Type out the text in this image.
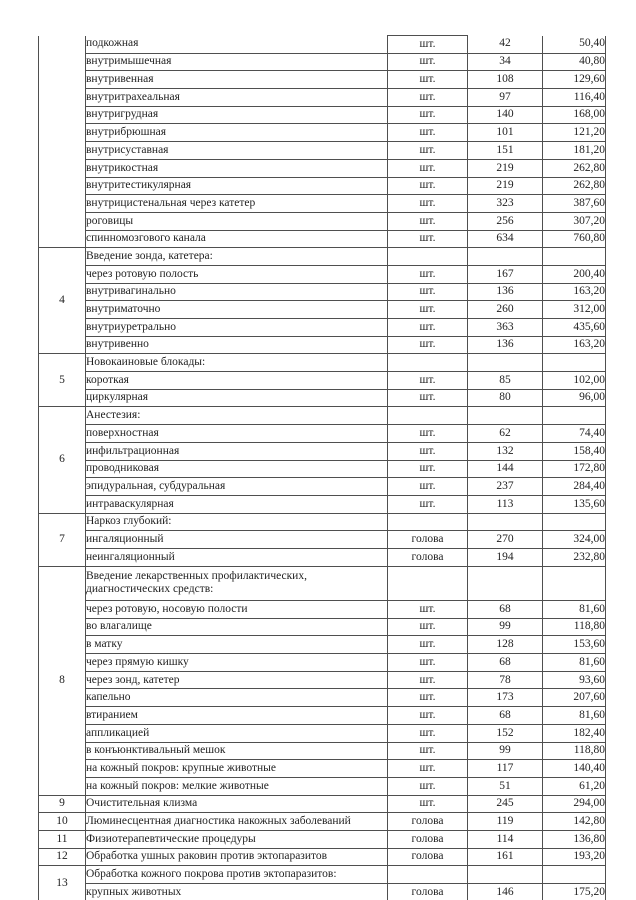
	подкожная	шт.	42	50,40

	внутримышечная	шт.	34	40,80

	внутривенная	шт.	108	129,60

	внутритрахеальная	шт.	97	116,40

	внутригрудная	шт.	140	168,00

	внутрибрюшная	шт.	101	121,20

	внутрисуставная	шт.	151	181,20

	внутрикостная	шт.	219	262,80

	внутритестикулярная	шт.	219	262,80

	внутрицистенальная через катетер	шт.	323	387,60

	роговицы	шт.	256	307,20

	спинномозгового канала	шт.	634	760,80
4	Введение зонда, катетера:			

	через ротовую полость	шт.	167	200,40

	внутривагинально	шт.	136	163,20

	внутриматочно	шт.	260	312,00

	внутриуретрально	шт.	363	435,60

	внутривенно	шт.	136	163,20
5	Новокаиновые блокады:			

	короткая	шт.	85	102,00

	циркулярная	шт.	80	96,00
6	Анестезия:			

	поверхностная	шт.	62	74,40

	инфильтрационная	шт.	132	158,40

	проводниковая	шт.	144	172,80

	эпидуральная, субдуральная	шт.	237	284,40

	интраваскулярная	шт.	113	135,60
7	Наркоз глубокий:			

	ингаляционный	голова	270	324,00

	неингаляционный	голова	194	232,80
8	Введение лекарственных профилактических,
диагностических средств:			

	через ротовую, носовую полости	шт.	68	81,60

	во влагалище	шт.	99	118,80

	в матку	шт.	128	153,60

	через прямую кишку	шт.	68	81,60

	через зонд, катетер	шт.	78	93,60

	капельно	шт.	173	207,60

	втиранием	шт.	68	81,60

	аппликацией	шт.	152	182,40

	в конъюнктивальный мешок	шт.	99	118,80

	на кожный покров: крупные животные	шт.	117	140,40

	на кожный покров: мелкие животные	шт.	51	61,20
9	Очистительная клизма	шт.	245	294,00
10	Люминесцентная диагностика накожных заболеваний	голова	119	142,80
11	Физиотерапевтические процедуры	голова	114	136,80
12	Обработка ушных раковин против эктопаразитов	голова	161	193,20
13	Обработка кожного покрова против эктопаразитов:			

	крупных животных	голова	146	175,20
